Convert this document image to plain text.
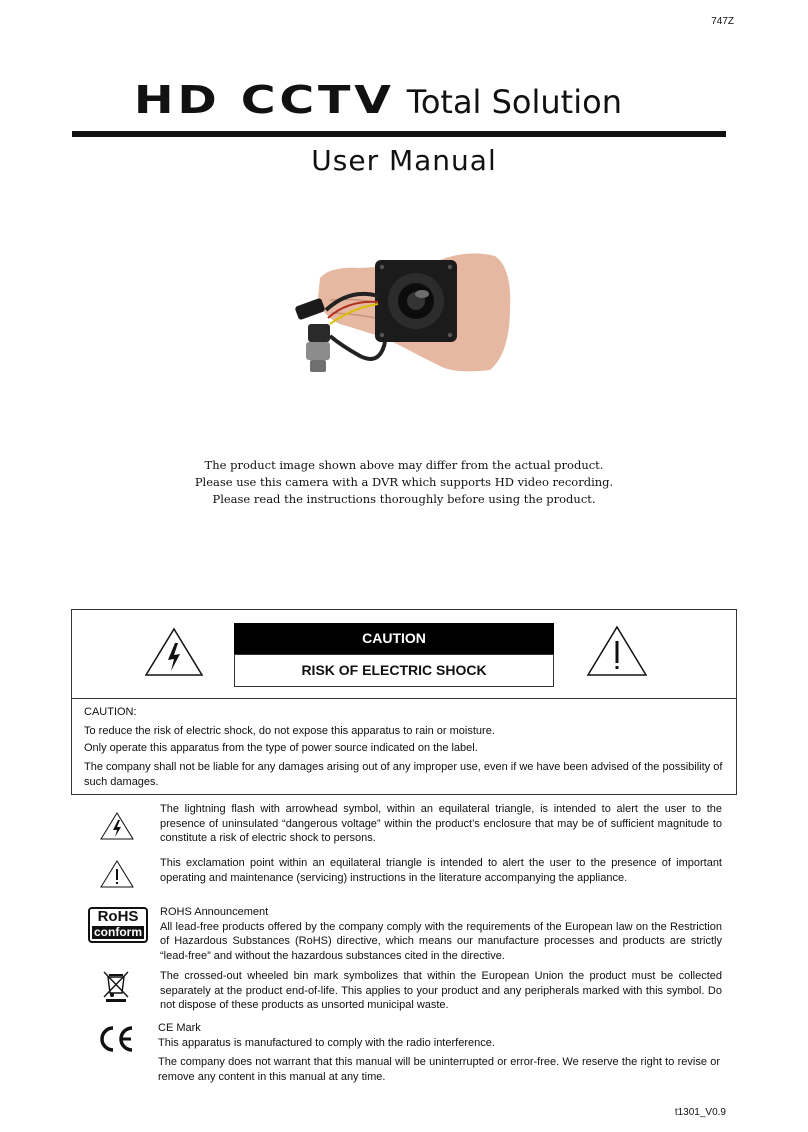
747Z
HD CCTV Total Solution
User Manual
The product image shown above may differ from the actual product.
Please use this camera with a DVR which supports HD video recording.
Please read the instructions thoroughly before using the product.
CAUTION
RISK OF ELECTRIC SHOCK

CAUTION:

To reduce the risk of electric shock, do not expose this apparatus to rain or moisture.

Only operate this apparatus from the type of power source indicated on the label.

The company shall not be liable for any damages arising out of any improper use, even if we have been advised of the possibility of such damages.

The lightning flash with arrowhead symbol, within an equilateral triangle, is intended to alert the user to the presence of uninsulated “dangerous voltage” within the product’s enclosure that may be of sufficient magnitude to constitute a risk of electric shock to persons.
This exclamation point within an equilateral triangle is intended to alert the user to the presence of important operating and maintenance (servicing) instructions in the literature accompanying the appliance.
RoHS
conform
ROHS Announcement
All lead-free products offered by the company comply with the requirements of the European law on the Restriction of Hazardous Substances (RoHS) directive, which means our manufacture processes and products are strictly “lead-free” and without the hazardous substances cited in the directive.
The crossed-out wheeled bin mark symbolizes that within the European Union the product must be collected separately at the product end-of-life. This applies to your product and any peripherals marked with this symbol. Do not dispose of these products as unsorted municipal waste.
CE Mark
This apparatus is manufactured to comply with the radio interference.
The company does not warrant that this manual will be uninterrupted or error-free. We reserve the right to revise or remove any content in this manual at any time.
t1301_V0.9
